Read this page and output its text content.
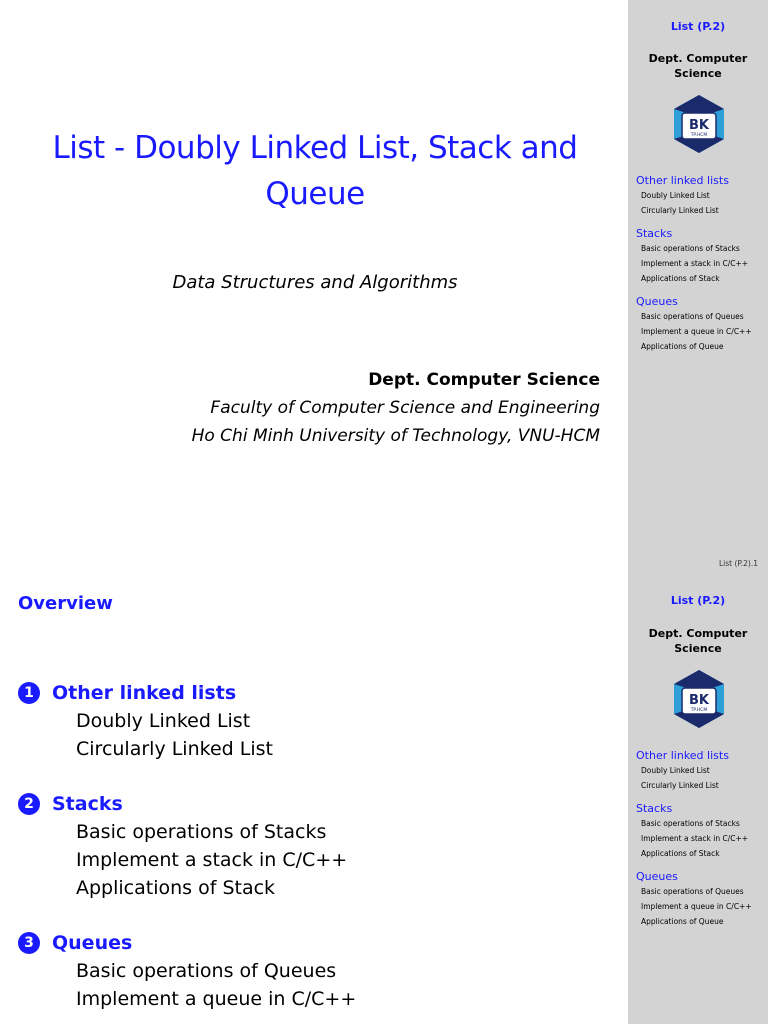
List - Doubly Linked List, Stack and
Queue
Data Structures and Algorithms
Dept. Computer Science
Faculty of Computer Science and Engineering
Ho Chi Minh University of Technology, VNU-HCM
List (P.2)
Dept. Computer
Science
BK
TP.HCM
Other linked lists
Doubly Linked List
Circularly Linked List
Stacks
Basic operations of Stacks
Implement a stack in C/C++
Applications of Stack
Queues
Basic operations of Queues
Implement a queue in C/C++
Applications of Queue
List (P.2).1
Overview
1 Other linked lists
Doubly Linked List
Circularly Linked List
2 Stacks
Basic operations of Stacks
Implement a stack in C/C++
Applications of Stack
3 Queues
Basic operations of Queues
Implement a queue in C/C++
List (P.2)
Dept. Computer
Science
BK
TP.HCM
Other linked lists
Doubly Linked List
Circularly Linked List
Stacks
Basic operations of Stacks
Implement a stack in C/C++
Applications of Stack
Queues
Basic operations of Queues
Implement a queue in C/C++
Applications of Queue
